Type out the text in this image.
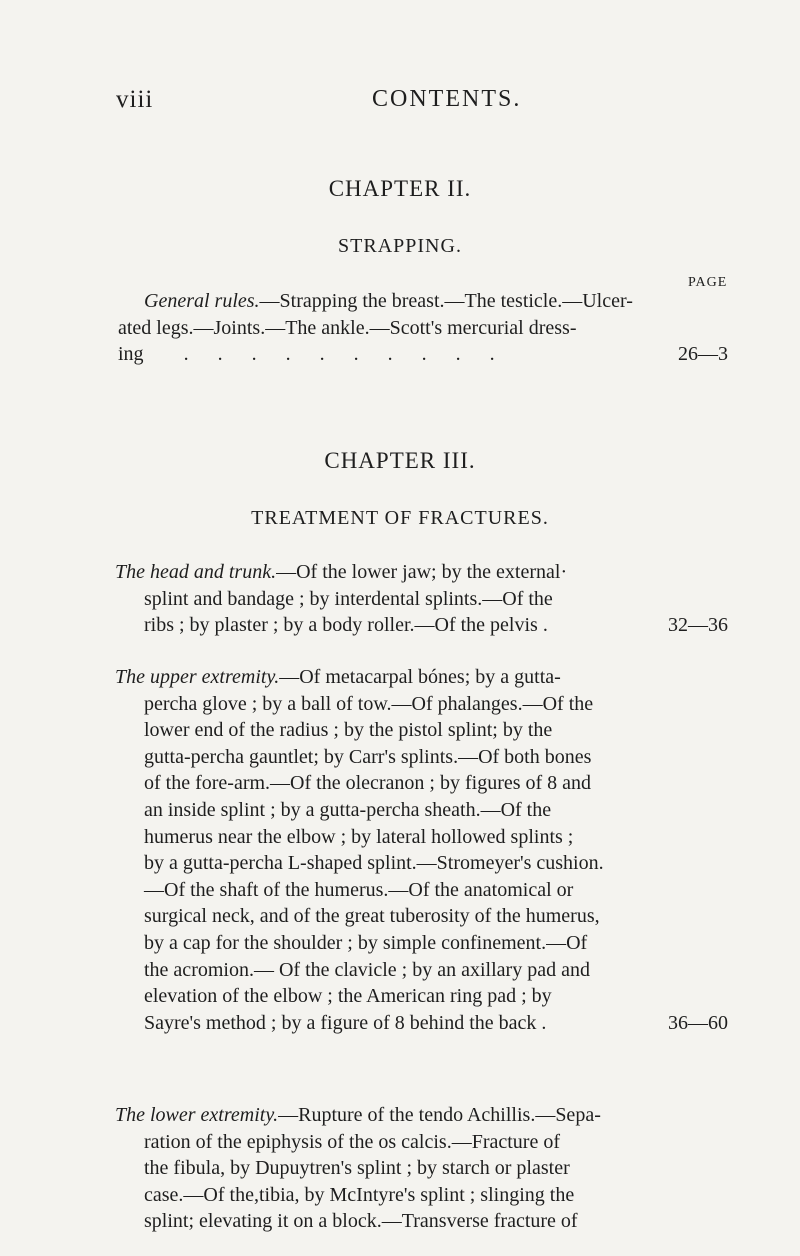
viii	CONTENTS.
CHAPTER II.
STRAPPING.
PAGE
General rules.—Strapping the breast.—The testicle.—Ulcer-
ated legs.—Joints.—The ankle.—Scott's mercurial dress-
ing . . . . . . . . . .	26—3
CHAPTER III.
TREATMENT OF FRACTURES.
The head and trunk.—Of the lower jaw; by the external·
splint and bandage ; by interdental splints.—Of the
ribs ; by plaster ; by a body roller.—Of the pelvis .	32—36
The upper extremity.—Of metacarpal bónes; by a gutta-
percha glove ; by a ball of tow.—Of phalanges.—Of the
lower end of the radius ; by the pistol splint; by the
gutta-percha gauntlet; by Carr's splints.—Of both bones
of the fore-arm.—Of the olecranon ; by figures of 8 and
an inside splint ; by a gutta-percha sheath.—Of the
humerus near the elbow ; by lateral hollowed splints ;
by a gutta-percha L-shaped splint.—Stromeyer's cushion.
—Of the shaft of the humerus.—Of the anatomical or
surgical neck, and of the great tuberosity of the humerus,
by a cap for the shoulder ; by simple confinement.—Of
the acromion.— Of the clavicle ; by an axillary pad and
elevation of the elbow ; the American ring pad ; by
Sayre's method ; by a figure of 8 behind the back .	36—60
The lower extremity.—Rupture of the tendo Achillis.—Sepa-
ration of the epiphysis of the os calcis.—Fracture of
the fibula, by Dupuytren's splint ; by starch or plaster
case.—Of the,tibia, by McIntyre's splint ; slinging the
splint; elevating it on a block.—Transverse fracture of
